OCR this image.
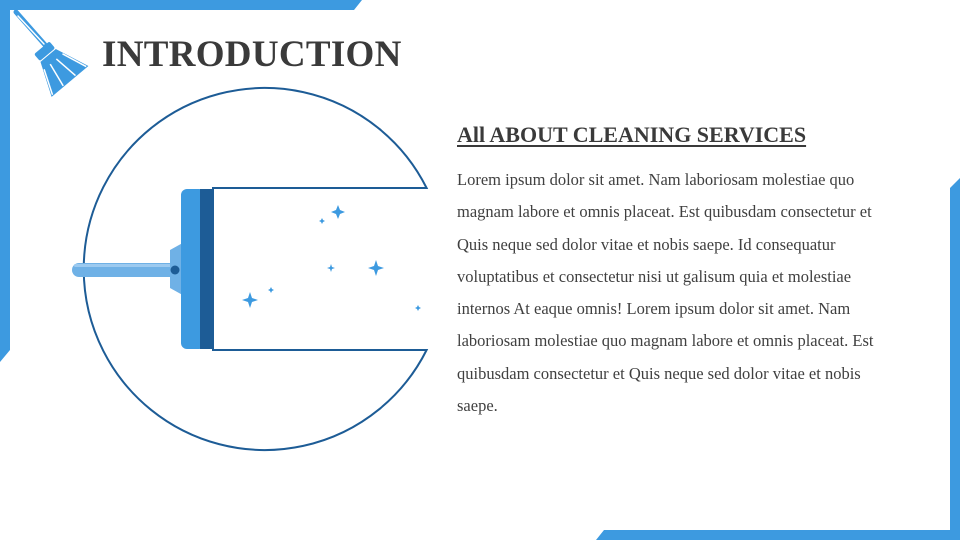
INTRODUCTION
All ABOUT CLEANING SERVICES

Lorem ipsum dolor sit amet. Nam laboriosam molestiae quo magnam labore et omnis placeat. Est quibusdam consectetur et Quis neque sed dolor vitae et nobis saepe. Id consequatur voluptatibus et consectetur nisi ut galisum quia et molestiae internos At eaque omnis! Lorem ipsum dolor sit amet. Nam laboriosam molestiae quo magnam labore et omnis placeat. Est quibusdam consectetur et Quis neque sed dolor vitae et nobis saepe.
